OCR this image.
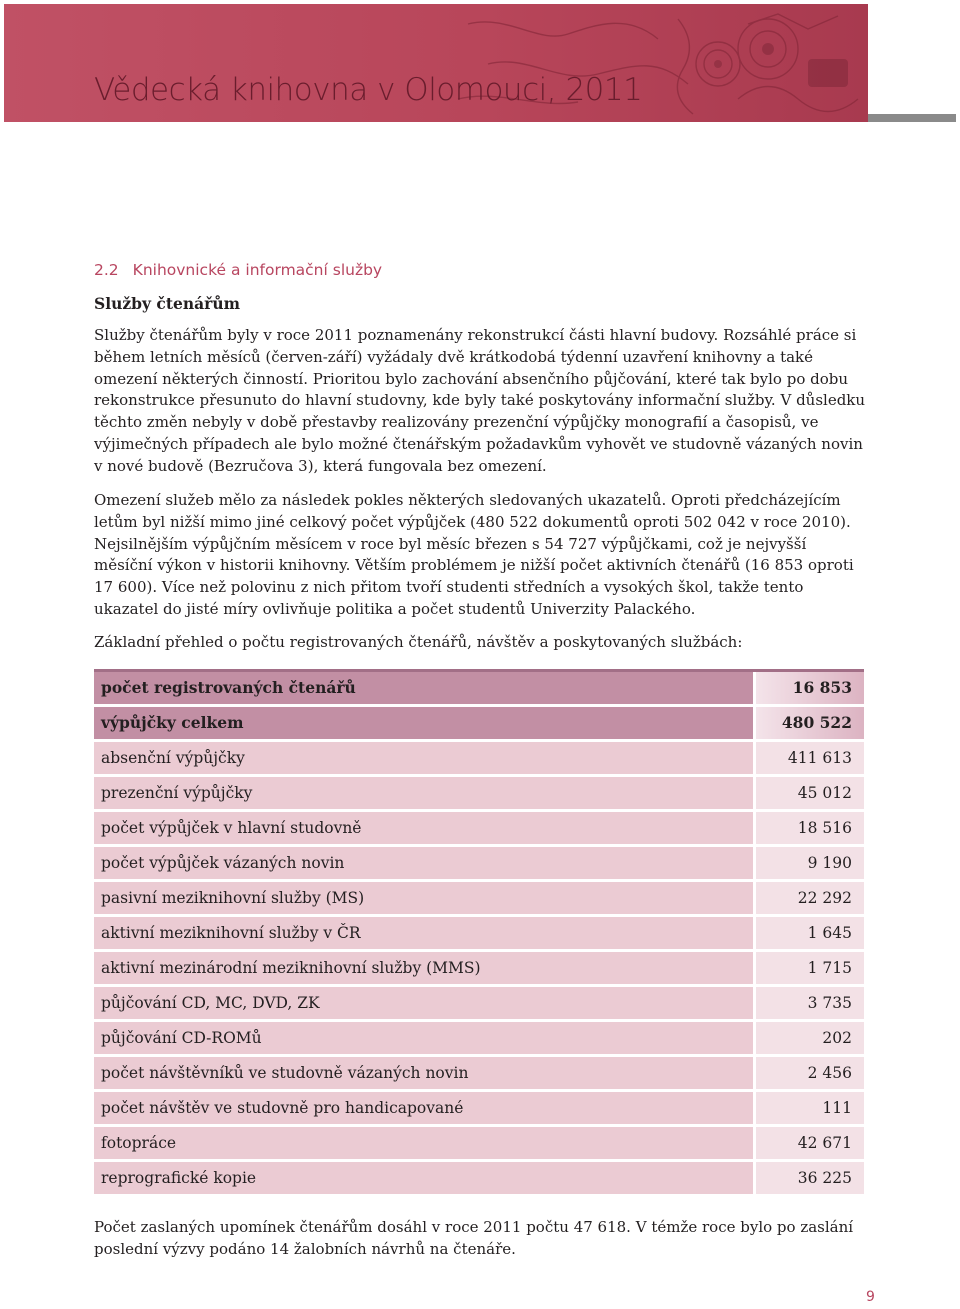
Vědecká knihovna v Olomouci, 2011
2.2 Knihovnické a informační služby
Služby čtenářům

Služby čtenářům byly v roce 2011 poznamenány rekonstrukcí části hlavní budovy. Rozsáhlé práce si během letních měsíců (červen-září) vyžádaly dvě krátkodobá týdenní uzavření knihovny a také omezení některých činností. Prioritou bylo zachování absenčního půjčování, které tak bylo po dobu rekonstrukce přesunuto do hlavní studovny, kde byly také poskytovány informační služby. V důsledku těchto změn nebyly v době přestavby realizovány prezenční výpůjčky monografií a časopisů, ve výjimečných případech ale bylo možné čtenářským požadavkům vyhovět ve studovně vázaných novin v nové budově (Bezručova 3), která fungovala bez omezení.

Omezení služeb mělo za následek pokles některých sledovaných ukazatelů. Oproti předcházejícím letům byl nižší mimo jiné celkový počet výpůjček (480 522 dokumentů oproti 502 042 v roce 2010). Nejsilnějším výpůjčním měsícem v roce byl měsíc březen s 54 727 výpůjčkami, což je nejvyšší měsíční výkon v historii knihovny. Větším problémem je nižší počet aktivních čtenářů (16 853 oproti 17 600). Více než polovinu z nich přitom tvoří studenti středních a vysokých škol, takže tento ukazatel do jisté míry ovlivňuje politika a počet studentů Univerzity Palackého.

Základní přehled o počtu registrovaných čtenářů, návštěv a poskytovaných službách:

počet registrovaných čtenářů	16 853
výpůjčky celkem	480 522
absenční výpůjčky	411 613
prezenční výpůjčky	45 012
počet výpůjček v hlavní studovně	18 516
počet výpůjček vázaných novin	9 190
pasivní meziknihovní služby (MS)	22 292
aktivní meziknihovní služby v ČR	1 645
aktivní mezinárodní meziknihovní služby (MMS)	1 715
půjčování CD, MC, DVD, ZK	3 735
půjčování CD-ROMů	202
počet návštěvníků ve studovně vázaných novin	2 456
počet návštěv ve studovně pro handicapované	111
fotopráce	42 671
reprografické kopie	36 225

Počet zaslaných upomínek čtenářům dosáhl v roce 2011 počtu 47 618. V témže roce bylo po zaslání poslední výzvy podáno 14 žalobních návrhů na čtenáře.

9
